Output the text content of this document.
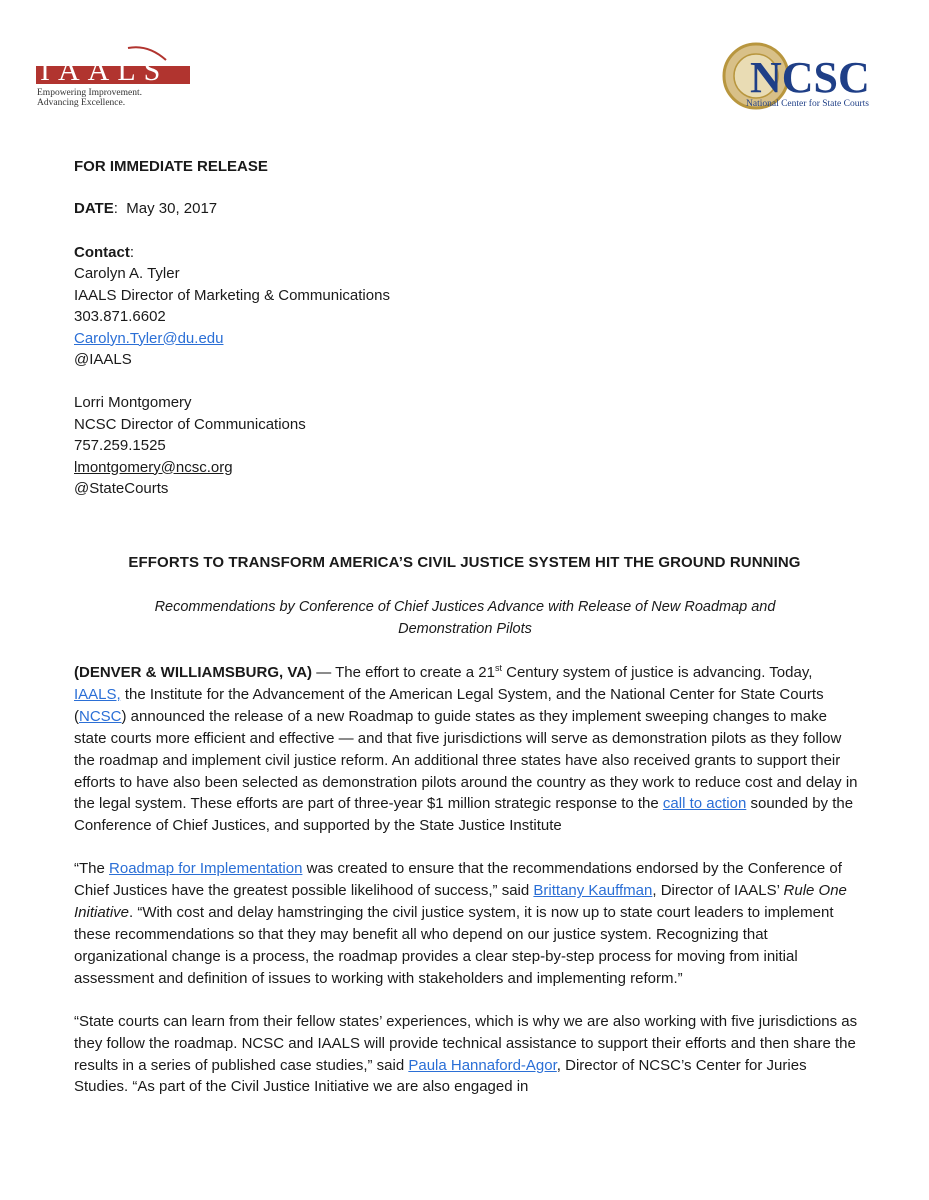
IAALS
Empowering Improvement.
Advancing Excellence.
NCSC
National Center for State Courts

FOR IMMEDIATE RELEASE

DATE:  May 30, 2017

Contact:

Carolyn A. Tyler

IAALS Director of Marketing & Communications

303.871.6602

Carolyn.Tyler@du.edu

@IAALS

Lorri Montgomery

NCSC Director of Communications

757.259.1525

lmontgomery@ncsc.org

@StateCourts

EFFORTS TO TRANSFORM AMERICA’S CIVIL JUSTICE SYSTEM HIT THE GROUND RUNNING

Recommendations by Conference of Chief Justices Advance with Release of New Roadmap and Demonstration Pilots

(DENVER & WILLIAMSBURG, VA) — The effort to create a 21st Century system of justice is advancing. Today, IAALS, the Institute for the Advancement of the American Legal System, and the National Center for State Courts (NCSC) announced the release of a new Roadmap to guide states as they implement sweeping changes to make state courts more efficient and effective — and that five jurisdictions will serve as demonstration pilots as they follow the roadmap and implement civil justice reform. An additional three states have also received grants to support their efforts to have also been selected as demonstration pilots around the country as they work to reduce cost and delay in the legal system. These efforts are part of three-year $1 million strategic response to the call to action sounded by the Conference of Chief Justices, and supported by the State Justice Institute

“The Roadmap for Implementation was created to ensure that the recommendations endorsed by the Conference of Chief Justices have the greatest possible likelihood of success,” said Brittany Kauffman, Director of IAALS’ Rule One Initiative. “With cost and delay hamstringing the civil justice system, it is now up to state court leaders to implement these recommendations so that they may benefit all who depend on our justice system. Recognizing that organizational change is a process, the roadmap provides a clear step-by-step process for moving from initial assessment and definition of issues to working with stakeholders and implementing reform.”

“State courts can learn from their fellow states’ experiences, which is why we are also working with five jurisdictions as they follow the roadmap. NCSC and IAALS will provide technical assistance to support their efforts and then share the results in a series of published case studies,” said Paula Hannaford-Agor, Director of NCSC’s Center for Juries Studies. “As part of the Civil Justice Initiative we are also engaged in
